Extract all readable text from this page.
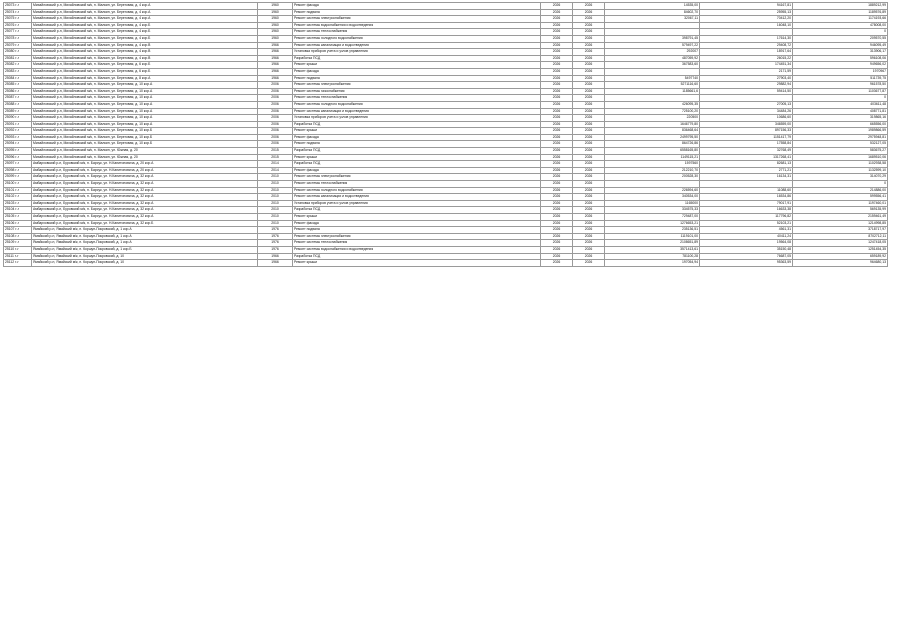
25073 г-г	Михайловский р-н, Михайловский м/к, п. Малкин, ул. Береговая, д. 4 кор.А	1960	Ремонт фасада	2026	2026	14535,00	94167,81	1889212,99
25074 г-г	Михайловский р-н, Михайловский м/к, п. Малкин, ул. Береговая, д. 4 кор.А	1960	Ремонт подвала	2026	2026	84602,70	25955,13	1189576,89
25075 г-г	Михайловский р-н, Михайловский м/к, п. Малкин, ул. Береговая, д. 4 кор.А	1960	Ремонт системы электроснабжения	2026	2026	32067,11	70412,20	1174193,66
25076 г-г	Михайловский р-н, Михайловский м/к, п. Малкин, ул. Береговая, д. 4 кор.Б	1960	Ремонт системы водоснабжения и водоотведения	2026	2026		16048,10	478008,00
25077 г-г	Михайловский р-н, Михайловский м/к, п. Малкин, ул. Береговая, д. 4 кор.Б	1960	Ремонт системы теплоснабжения	2026	2026			0
25078 г-г	Михайловский р-н, Михайловский м/к, п. Малкин, ул. Береговая, д. 4 кор.Б	1960	Ремонт системы холодного водоснабжения	2026	2026	398791,45	17614,30	209570,55
25079 г-г	Михайловский р-н, Михайловский м/к, п. Малкин, ул. Береговая, д. 4 кор.В	1966	Ремонт системы канализации и водоотведения	2026	2026	579497,22	29408,72	946095,49
25080 г-г	Михайловский р-н, Михайловский м/к, п. Малкин, ул. Береговая, д. 4 кор.В	1966	Установка приборов учета и узлов управления	2026	2026	292007	18917,64	313906,17
25081 г-г	Михайловский р-н, Михайловский м/к, п. Малкин, ул. Береговая, д. 4 кор.В	1966	Разработка ПСД	2026	2026	487059,92	26015,22	596108,06
25082 г-г	Михайловский р-н, Михайловский м/к, п. Малкин, ул. Береговая, д. 6 кор.Б	1966	Ремонт крыши	2026	2026	367583,60	174451,34	949656,02
25083 г-г	Михайловский р-н, Михайловский м/к, п. Малкин, ул. Береговая, д. 6 кор.Б	1966	Ремонт фасада	2026	2026		2171,59	1970967
25084 г-г	Михайловский р-н, Михайловский м/к, п. Малкин, ул. Береговая, д. 8 кор.А	1966	Ремонт подвала	2026	2026	5497740	27903,40	511739,75
25085 г-г	Михайловский р-н, Михайловский м/к, п. Малкин, ул. Береговая, д. 10 кор.А	2006	Ремонт системы электроснабжения	2026	2026	5271116,60	29882,94	961578,50
25086 г-г	Михайловский р-н, Михайловский м/к, п. Малкин, ул. Береговая, д. 10 кор.А	2006	Ремонт системы газоснабжения	2026	2026	1185661,6	59414,50	1103677,87
25087 г-г	Михайловский р-н, Михайловский м/к, п. Малкин, ул. Береговая, д. 10 кор.А	2006	Ремонт системы теплоснабжения	2026	2026			0
25088 г-г	Михайловский р-н, Михайловский м/к, п. Малкин, ул. Береговая, д. 10 кор.А	2006	Ремонт системы холодного водоснабжения	2026	2026	426095,35	27005,13	403611,48
25089 г-г	Михайловский р-н, Михайловский м/к, п. Малкин, ул. Береговая, д. 10 кор.А	2006	Ремонт системы канализации и водоотведения	2026	2026	725100,20	34484,26	408771,81
25090 г-г	Михайловский р-н, Михайловский м/к, п. Малкин, ул. Береговая, д. 10 кор.А	2006	Установка приборов учета и узлов управления	2026	2026	220500	10686,60	319865,16
25091 г-г	Михайловский р-н, Михайловский м/к, п. Малкин, ул. Береговая, д. 10 кор.А	2006	Разработка ПСД	2026	2026	1646779,80	346559,00	665556,00
25092 г-г	Михайловский р-н, Михайловский м/к, п. Малкин, ул. Береговая, д. 10 кор.Б	2006	Ремонт крыши	2026	2026	836468,64	897156,33	1989866,59
25093 г-г	Михайловский р-н, Михайловский м/к, п. Малкин, ул. Береговая, д. 10 кор.Б	2006	Ремонт фасада	2026	2026	2499795,50	1151417,79	2975948,81
25094 г-г	Михайловский р-н, Михайловский м/к, п. Малкин, ул. Береговая, д. 10 кор.Б	2006	Ремонт подвала	2026	2026	864726,86	17558,84	532127,05
25095 г-г	Михайловский р-н, Михайловский м/к, п. Малкин, ул. Южная, д. 20	2015	Разработка ПСД	2026	2026	6558165,80	32768,49	583675,27
25096 г-г	Михайловский р-н, Михайловский м/к, п. Малкин, ул. Южная, д. 20	2015	Ремонт крыши	2026	2026	1149115,21	1317268,41	1689510,06
25097 г-г	Амбарховский р-н, Буровский м/к, п. Барсук, ул. Н.Капитоновича, д. 20 кор.А	2014	Разработка ПСД	2026	2026	1597560	82681,13	1102938,58
25098 г-г	Амбарховский р-н, Буровский м/к, п. Барсук, ул. Н.Капитоновича, д. 20 кор.А	2014	Ремонт фасада	2026	2026	212210,70	2771,21	1132599,10
25099 г-г	Амбарховский р-н, Буровский м/к, п. Барсук, ул. Н.Капитоновича, д. 32 кор.А	2010	Ремонт системы электроснабжения	2026	2026	200528,30	16134,31	314070,29
25100 г-г	Амбарховский р-н, Буровский м/к, п. Барсук, ул. Н.Капитоновича, д. 32 кор.А	2010	Ремонт системы теплоснабжения	2026	2026			0
25101 г-г	Амбарховский р-н, Буровский м/к, п. Барсук, ул. Н.Капитоновича, д. 32 кор.А	2010	Ремонт системы холодного водоснабжения	2026	2026	226594,60	11088,60	214886,00
25102 г-г	Амбарховский р-н, Буровский м/к, п. Барсук, ул. Н.Капитоновича, д. 32 кор.А	2010	Ремонт системы канализации и водоотведения	2026	2026	340534,00	16534,86	599556,41
25103 г-г	Амбарховский р-н, Буровский м/к, п. Барсук, ул. Н.Капитоновича, д. 32 кор.А	2010	Установка приборов учета и узлов управления	2026	2026	1165000	79017,91	1197460,01
25104 г-г	Амбарховский р-н, Буровский м/к, п. Барсук, ул. Н.Капитоновича, д. 32 кор.А	2010	Разработка ПСД	2026	2026	334575,33	16633,38	569135,99
25105 г-г	Амбарховский р-н, Буровский м/к, п. Барсук, ул. Н.Капитоновича, д. 32 кор.А	2010	Ремонт крыши	2026	2026	729487,00	117796,82	2159461,49
25106 г-г	Амбарховский р-н, Буровский м/к, п. Барсук, ул. Н.Капитоновича, д. 32 кор.Б	2010	Ремонт фасада	2026	2026	1276653,21	52103,21	1214998,85
25107 г-г	Ямайский р-н, Ямайский м/к, п. Коршун-Покровский, д. 1 кор.А	1976	Ремонт подвала	2026	2026	235136,51	4561,31	3718717,97
25108 г-г	Ямайский р-н, Ямайский м/к, п. Коршун-Покровский, д. 1 кор.А	1976	Ремонт системы электроснабжения	2026	2026	1119101,00	40411,24	8702712,11
25109 г-г	Ямайский р-н, Ямайский м/к, п. Коршун-Покровский, д. 1 кор.А	1976	Ремонт системы теплоснабжения	2026	2026	2108651,89	19564,08	1247418,05
25110 г-г	Ямайский р-н, Ямайский м/к, п. Коршун-Покровский, д. 1 кор.Б	1976	Ремонт системы водоснабжения и водоотведения	2026	2026	3571413,61	35150,48	1251454,35
25111 г-г	Ямайский р-н, Ямайский м/к, п. Коршун-Покровский, д. 10	1966	Разработка ПСД	2026	2026	781100,28	76687,05	659189,92
25112 г-г	Ямайский р-н, Ямайский м/к, п. Коршун-Покровский, д. 10	1966	Ремонт крыши	2026	2026	197054,94	95363,59	964680,13
